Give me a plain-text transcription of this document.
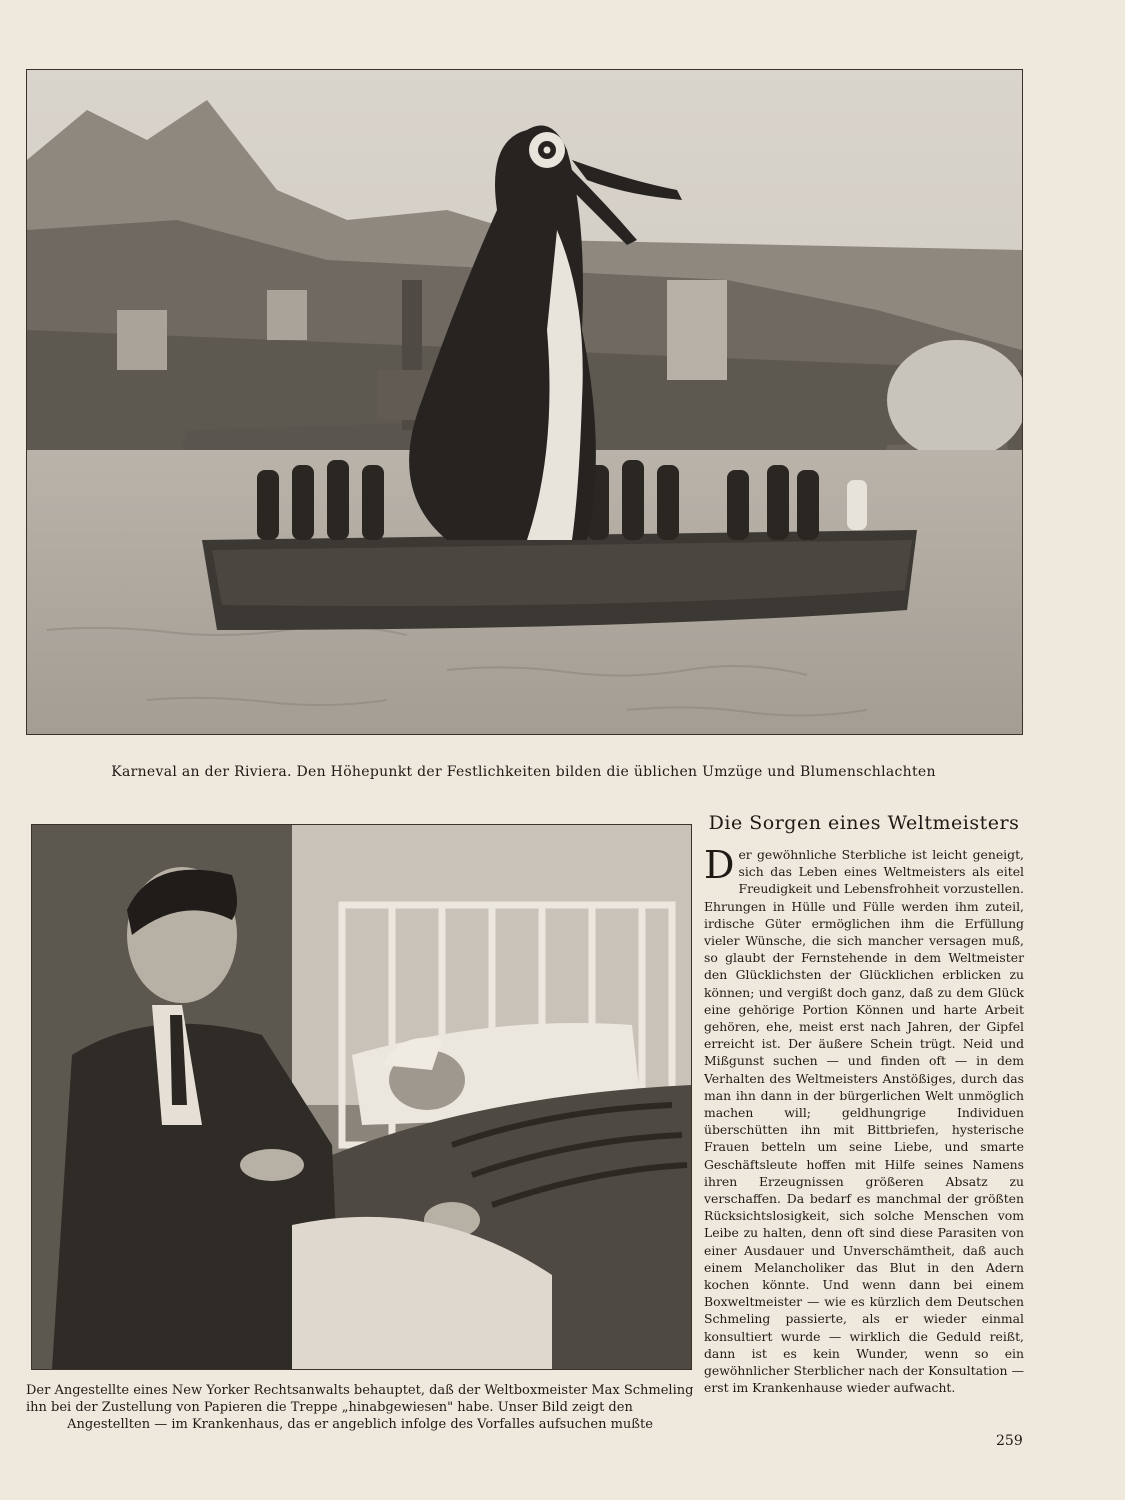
Karneval an der Riviera. Den Höhepunkt der Festlichkeiten bilden die üblichen Umzüge und Blumenschlachten
Der Angestellte eines New Yorker Rechtsanwalts behauptet, daß der Weltboxmeister Max Schmeling
ihn bei der Zustellung von Papieren die Treppe „hinabgewiesen" habe. Unser Bild zeigt den
Angestellten — im Krankenhaus, das er angeblich infolge des Vorfalles aufsuchen mußte
Die Sorgen eines Weltmeisters

Der gewöhnliche Sterbliche ist leicht geneigt, sich das Leben eines Weltmeisters als eitel Freudigkeit und Lebensfrohheit vorzustellen. Ehrungen in Hülle und Fülle werden ihm zuteil, irdische Güter ermöglichen ihm die Erfüllung vieler Wünsche, die sich mancher versagen muß, so glaubt der Fernstehende in dem Weltmeister den Glücklichsten der Glücklichen erblicken zu können; und vergißt doch ganz, daß zu dem Glück eine gehörige Portion Können und harte Arbeit gehören, ehe, meist erst nach Jahren, der Gipfel erreicht ist. Der äußere Schein trügt. Neid und Mißgunst suchen — und finden oft — in dem Verhalten des Weltmeisters Anstößiges, durch das man ihn dann in der bürgerlichen Welt unmöglich machen will; geldhungrige Individuen überschütten ihn mit Bittbriefen, hysterische Frauen betteln um seine Liebe, und smarte Geschäftsleute hoffen mit Hilfe seines Namens ihren Erzeugnissen größeren Absatz zu verschaffen. Da bedarf es manchmal der größten Rücksichtslosigkeit, sich solche Menschen vom Leibe zu halten, denn oft sind diese Parasiten von einer Ausdauer und Unverschämtheit, daß auch einem Melancholiker das Blut in den Adern kochen könnte. Und wenn dann bei einem Boxweltmeister — wie es kürzlich dem Deutschen Schmeling passierte, als er wieder einmal konsultiert wurde — wirklich die Geduld reißt, dann ist es kein Wunder, wenn so ein gewöhnlicher Sterblicher nach der Konsultation — erst im Krankenhause wieder aufwacht.

259
